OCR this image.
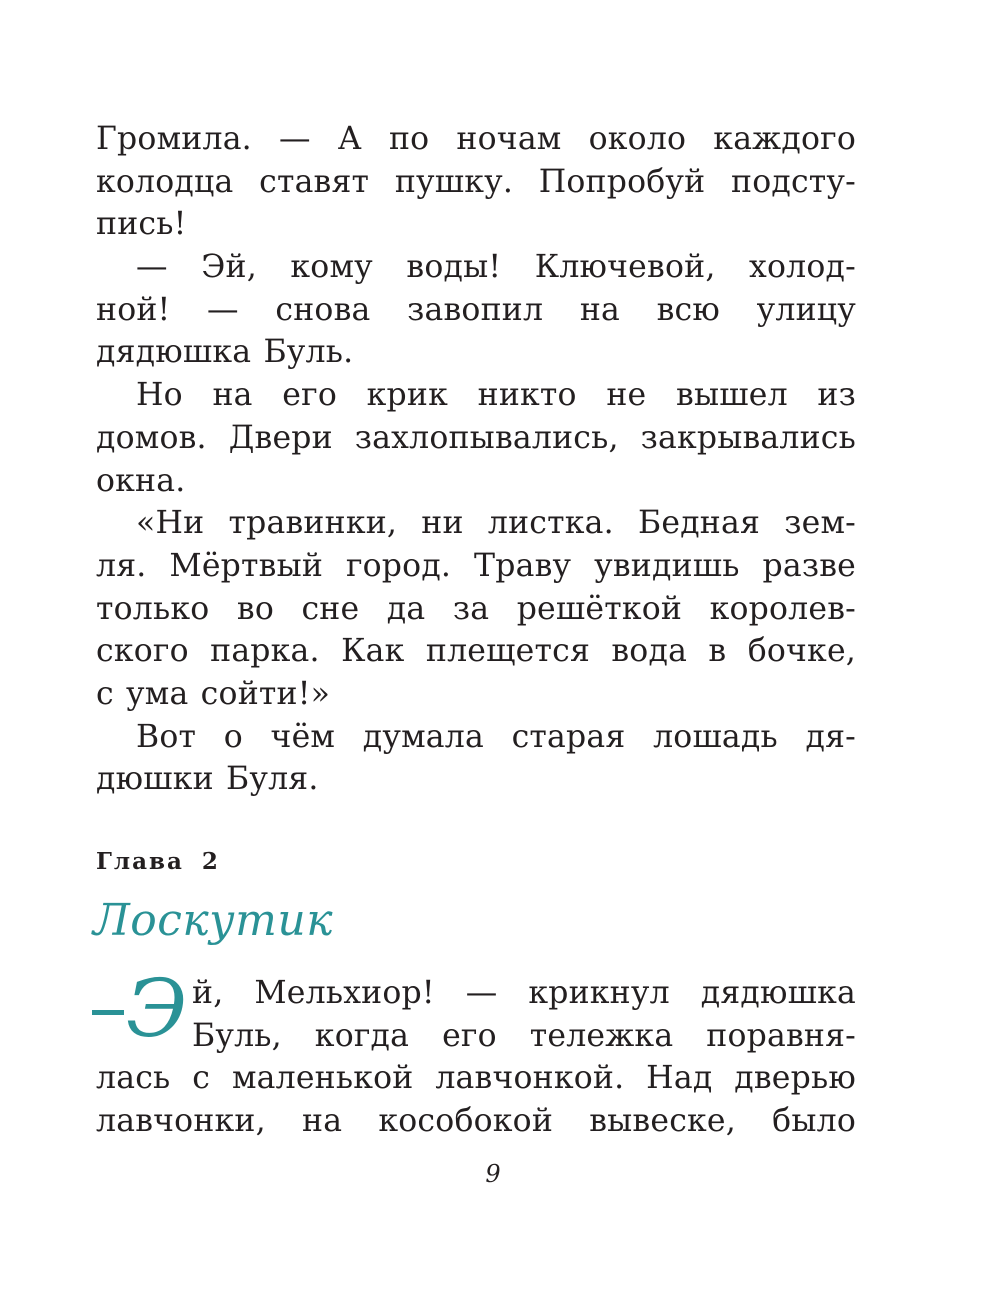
Громила. — А по ночам около каждого
колодца ставят пушку. Попробуй подсту-
пись!
— Эй, кому воды! Ключевой, холод-
ной! — снова завопил на всю улицу
дядюшка Буль.
Но на его крик никто не вышел из
домов. Двери захлопывались, закрывались
окна.
«Ни травинки, ни листка. Бедная зем-
ля. Мёртвый город. Траву увидишь разве
только во сне да за решёткой королев-
ского парка. Как плещется вода в бочке,
с ума сойти!»
Вот о чём думала старая лошадь дя-
дюшки Буля.
Глава 2
Лоскутик
Э й, Мельхиор! — крикнул дядюшка
Буль, когда его тележка поравня-
лась с маленькой лавчонкой. Над дверью
лавчонки, на кособокой вывеске, было
9
